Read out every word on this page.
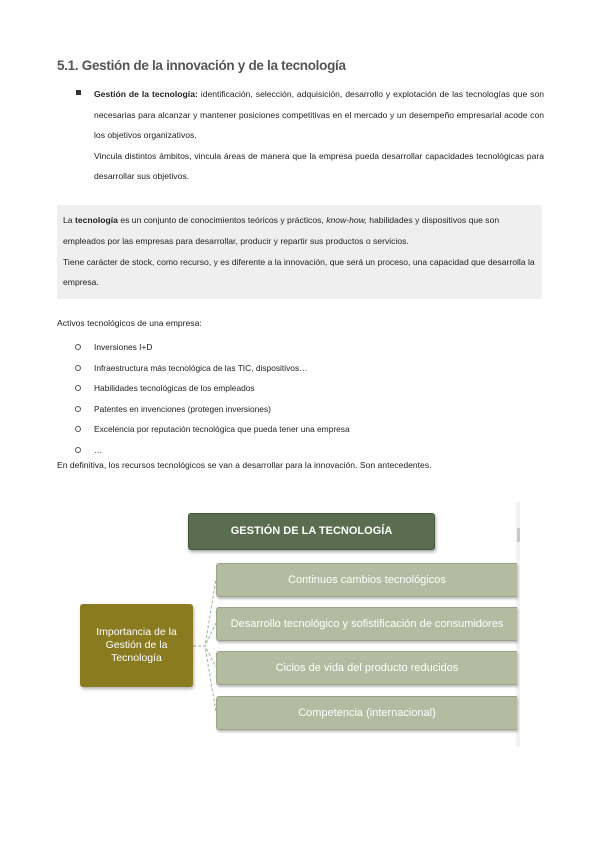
5.1. Gestión de la innovación y de la tecnología
Gestión de la tecnología: identificación, selección, adquisición, desarrollo y explotación de las tecnologías que son necesarias para alcanzar y mantener posiciones competitivas en el mercado y un desempeño empresarial acode con los objetivos organizativos.
Vincula distintos ámbitos, vincula áreas de manera que la empresa pueda desarrollar capacidades tecnológicas para desarrollar sus objetivos.
La tecnología es un conjunto de conocimientos teóricos y prácticos, know-how, habilidades y dispositivos que son empleados por las empresas para desarrollar, producir y repartir sus productos o servicios.
Tiene carácter de stock, como recurso, y es diferente a la innovación, que será un proceso, una capacidad que desarrolla la empresa.
Activos tecnológicos de una empresa:
Inversiones I+D
Infraestructura más tecnológica de las TIC, dispositivos…
Habilidades tecnológicas de los empleados
Patentes en invenciones (protegen inversiones)
Excelencia por reputación tecnológica que pueda tener una empresa
…
En definitiva, los recursos tecnológicos se van a desarrollar para la innovación. Son antecedentes.
GESTIÓN DE LA TECNOLOGÍA
Importancia de la Gestión de la Tecnología
Continuos cambios tecnológicos
Desarrollo tecnológico y sofistificación de consumidores
Ciclos de vida del producto reducidos
Competencia (internacional)
